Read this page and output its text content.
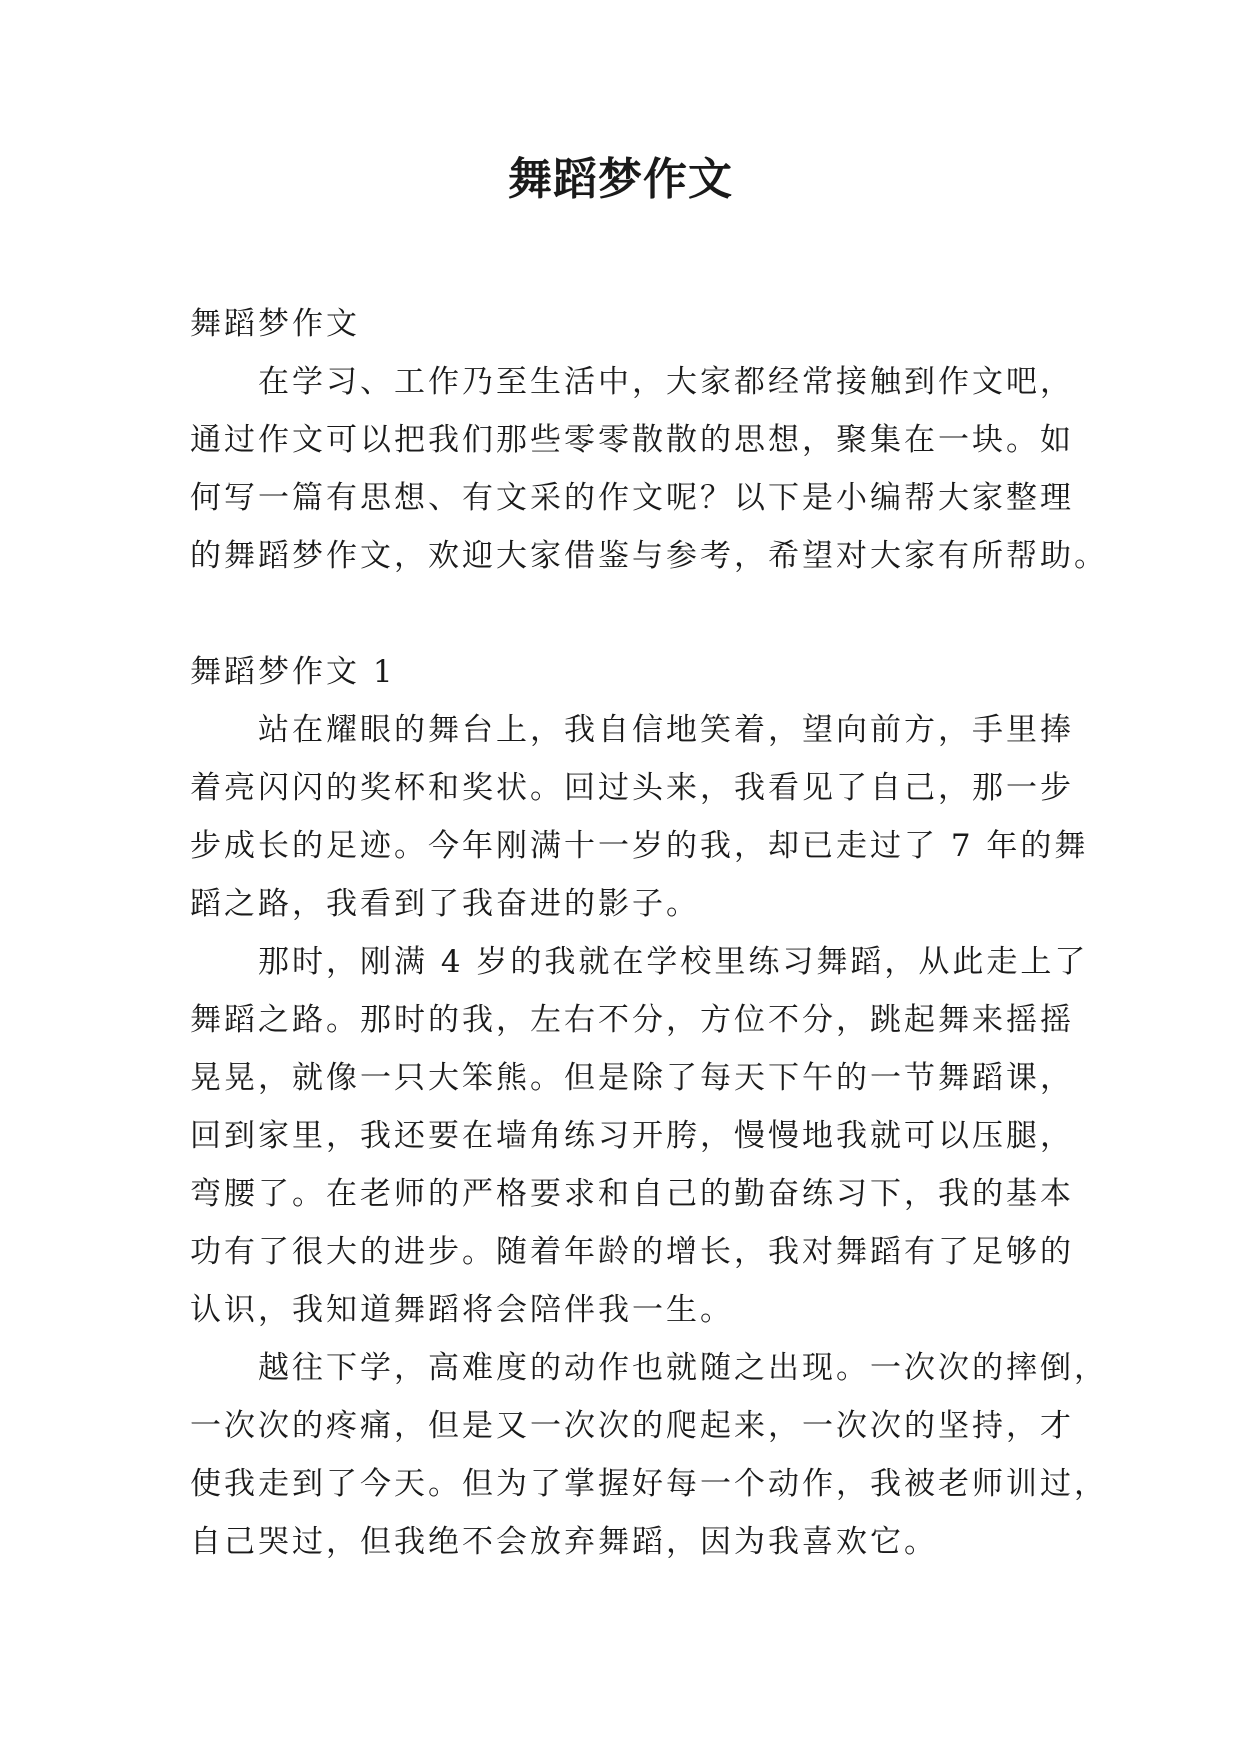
舞蹈梦作文
舞蹈梦作文
　　在学习、工作乃至生活中，大家都经常接触到作文吧，
通过作文可以把我们那些零零散散的思想，聚集在一块。如
何写一篇有思想、有文采的作文呢？以下是小编帮大家整理
的舞蹈梦作文，欢迎大家借鉴与参考，希望对大家有所帮助。
舞蹈梦作文 1
　　站在耀眼的舞台上，我自信地笑着，望向前方，手里捧
着亮闪闪的奖杯和奖状。回过头来，我看见了自己，那一步
步成长的足迹。今年刚满十一岁的我，却已走过了 7 年的舞
蹈之路，我看到了我奋进的影子。
　　那时，刚满 4 岁的我就在学校里练习舞蹈，从此走上了
舞蹈之路。那时的我，左右不分，方位不分，跳起舞来摇摇
晃晃，就像一只大笨熊。但是除了每天下午的一节舞蹈课，
回到家里，我还要在墙角练习开胯，慢慢地我就可以压腿，
弯腰了。在老师的严格要求和自己的勤奋练习下，我的基本
功有了很大的进步。随着年龄的增长，我对舞蹈有了足够的
认识，我知道舞蹈将会陪伴我一生。
　　越往下学，高难度的动作也就随之出现。一次次的摔倒，
一次次的疼痛，但是又一次次的爬起来，一次次的坚持，才
使我走到了今天。但为了掌握好每一个动作，我被老师训过，
自己哭过，但我绝不会放弃舞蹈，因为我喜欢它。
